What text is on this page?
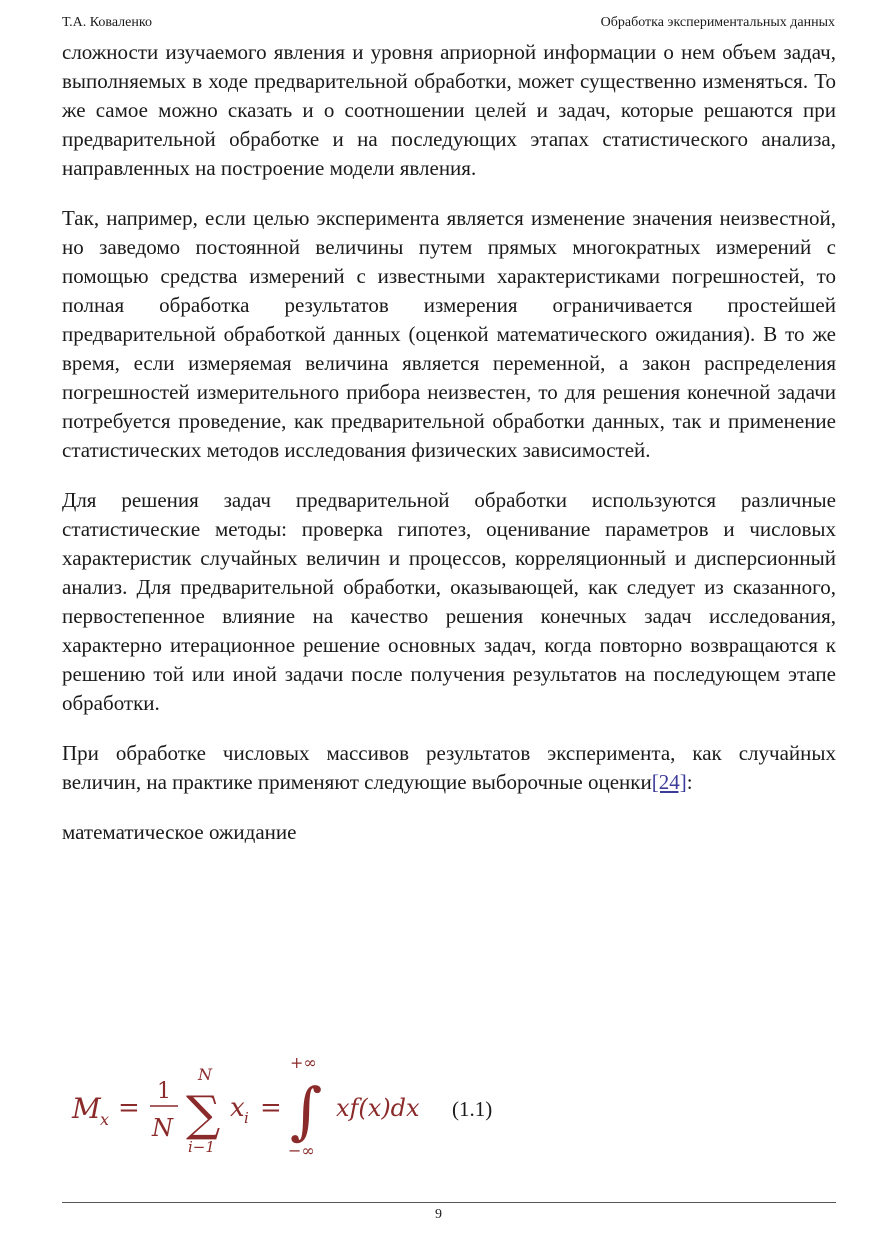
Т.А. Коваленко	Обработка экспериментальных данных

сложности изучаемого явления и уровня априорной информации о нем объем задач, выполняемых в ходе предварительной обработки, может существенно изменяться. То же самое можно сказать и о соотношении целей и задач, которые решаются при предварительной обработке и на последующих этапах статистического анализа, направленных на построение модели явления.

Так, например, если целью эксперимента является изменение значения неизвестной, но заведомо постоянной величины путем прямых многократных измерений с помощью средства измерений с известными характеристиками погрешностей, то полная обработка результатов измерения ограничивается простейшей предварительной обработкой данных (оценкой математического ожидания). В то же время, если измеряемая величина является переменной, а закон распределения погрешностей измерительного прибора неизвестен, то для решения конечной задачи потребуется проведение, как предварительной обработки данных, так и применение статистических методов исследования физических зависимостей.

Для решения задач предварительной обработки используются различные статистические методы: проверка гипотез, оценивание параметров и числовых характеристик случайных величин и процессов, корреляционный и дисперсионный анализ. Для предварительной обработки, оказывающей, как следует из сказанного, первостепенное влияние на качество решения конечных задач исследования, характерно итерационное решение основных задач, когда повторно возвращаются к решению той или иной задачи после получения результатов на последующем этапе обработки.

При обработке числовых массивов результатов эксперимента, как случайных величин, на практике применяют следующие выборочные оценки[24]:

математическое ожидание

M x =
1
N
N
∑
i−1
x i =
+∞
∫
−∞
xf(x)dx (1.1)
9
